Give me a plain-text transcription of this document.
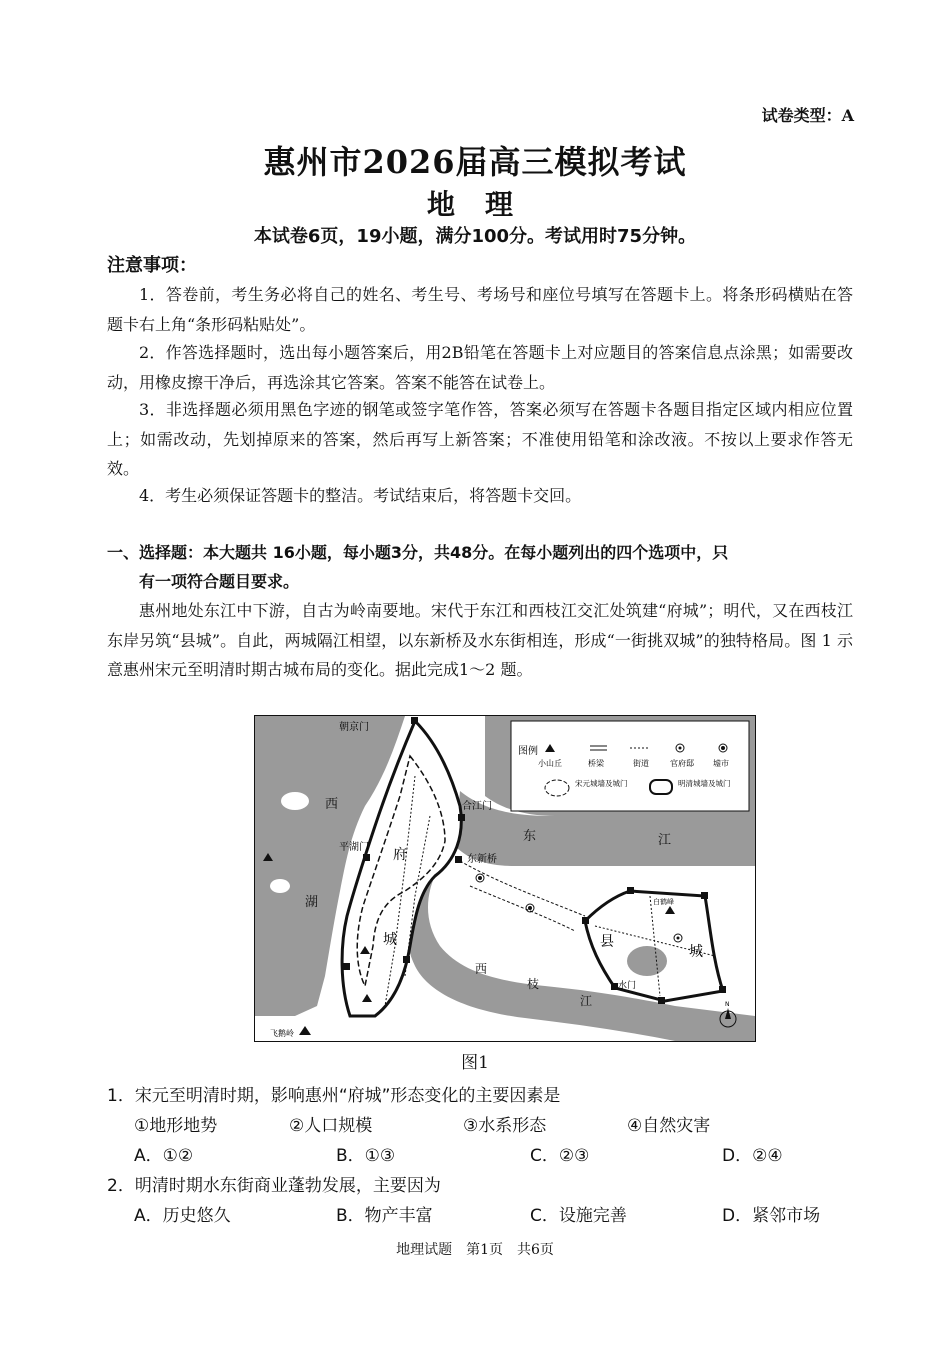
试卷类型：A
惠州市2026届高三模拟考试
地理
本试卷6页，19小题，满分100分。考试用时75分钟。
注意事项：

1．答卷前，考生务必将自己的姓名、考生号、考场号和座位号填写在答题卡上。将条形码横贴在答题卡右上角“条形码粘贴处”。

2．作答选择题时，选出每小题答案后，用2B铅笔在答题卡上对应题目的答案信息点涂黑；如需要改动，用橡皮擦干净后，再选涂其它答案。答案不能答在试卷上。

3．非选择题必须用黑色字迹的钢笔或签字笔作答，答案必须写在答题卡各题目指定区域内相应位置上；如需改动，先划掉原来的答案，然后再写上新答案；不准使用铅笔和涂改液。不按以上要求作答无效。

4．考生必须保证答题卡的整洁。考试结束后，将答题卡交回。

一、选择题：本大题共 16小题，每小题3分，共48分。在每小题列出的四个选项中，只
有一项符合题目要求。

惠州地处东江中下游，自古为岭南要地。宋代于东江和西枝江交汇处筑建“府城”；明代，又在西枝江东岸另筑“县城”。自此，两城隔江相望，以东新桥及水东街相连，形成“一街挑双城”的独特格局。图 1 示意惠州宋元至明清时期古城布局的变化。据此完成1～2 题。

图例
小山丘	桥梁	街道	官府邸 墟市
宋元城墙及城门	明清城墙及城门
朝京门
合江门
平湖门
东新桥
府
城	县
城
西
湖
东	江
西
枝
江
水门
飞鹅岭
白鹤峰
N
图1
1．宋元至明清时期，影响惠州“府城”形态变化的主要因素是
①地形地势	②人口规模	③水系形态	④自然灾害
A．①②	B．①③	C．②③	D．②④
2．明清时期水东街商业蓬勃发展，主要因为
A．历史悠久	B．物产丰富	C．设施完善	D．紧邻市场
地理试题　第1页　共6页
